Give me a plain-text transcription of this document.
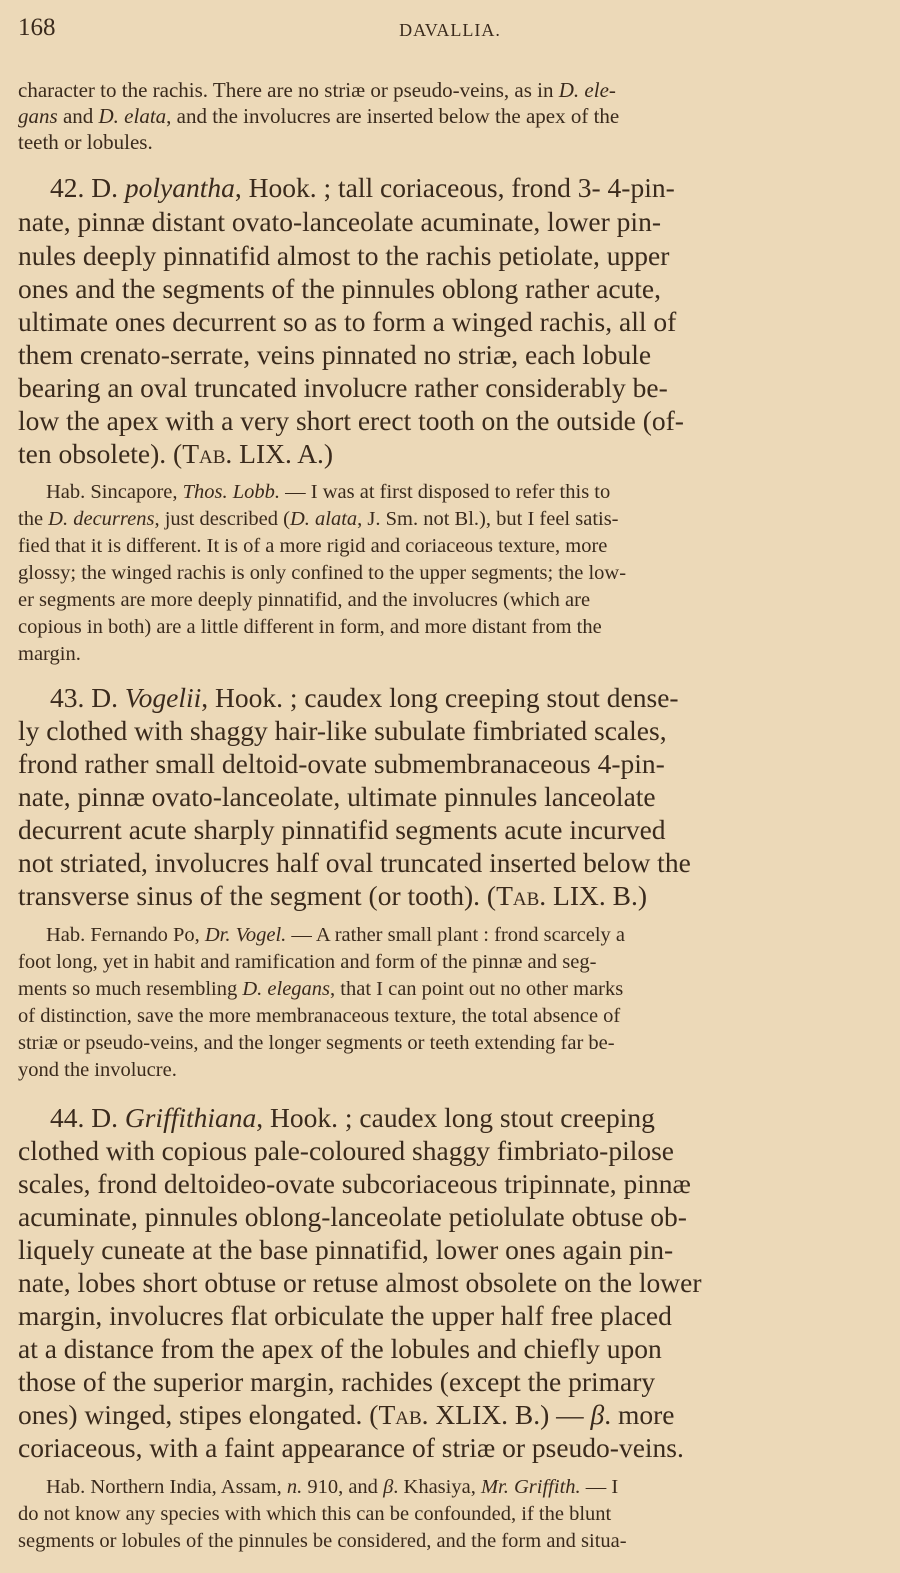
168	DAVALLIA.
character to the rachis. There are no striæ or pseudo-veins, as in D. ele-
gans and D. elata, and the involucres are inserted below the apex of the
teeth or lobules.
42. D. polyantha, Hook. ; tall coriaceous, frond 3- 4-pin-
nate, pinnæ distant ovato-lanceolate acuminate, lower pin-
nules deeply pinnatifid almost to the rachis petiolate, upper
ones and the segments of the pinnules oblong rather acute,
ultimate ones decurrent so as to form a winged rachis, all of
them crenato-serrate, veins pinnated no striæ, each lobule
bearing an oval truncated involucre rather considerably be-
low the apex with a very short erect tooth on the outside (of-
ten obsolete). (Tab. LIX. A.)
Hab. Sincapore, Thos. Lobb. — I was at first disposed to refer this to
the D. decurrens, just described (D. alata, J. Sm. not Bl.), but I feel satis-
fied that it is different. It is of a more rigid and coriaceous texture, more
glossy; the winged rachis is only confined to the upper segments; the low-
er segments are more deeply pinnatifid, and the involucres (which are
copious in both) are a little different in form, and more distant from the
margin.
43. D. Vogelii, Hook. ; caudex long creeping stout dense-
ly clothed with shaggy hair-like subulate fimbriated scales,
frond rather small deltoid-ovate submembranaceous 4-pin-
nate, pinnæ ovato-lanceolate, ultimate pinnules lanceolate
decurrent acute sharply pinnatifid segments acute incurved
not striated, involucres half oval truncated inserted below the
transverse sinus of the segment (or tooth). (Tab. LIX. B.)
Hab. Fernando Po, Dr. Vogel. — A rather small plant : frond scarcely a
foot long, yet in habit and ramification and form of the pinnæ and seg-
ments so much resembling D. elegans, that I can point out no other marks
of distinction, save the more membranaceous texture, the total absence of
striæ or pseudo-veins, and the longer segments or teeth extending far be-
yond the involucre.
44. D. Griffithiana, Hook. ; caudex long stout creeping
clothed with copious pale-coloured shaggy fimbriato-pilose
scales, frond deltoideo-ovate subcoriaceous tripinnate, pinnæ
acuminate, pinnules oblong-lanceolate petiolulate obtuse ob-
liquely cuneate at the base pinnatifid, lower ones again pin-
nate, lobes short obtuse or retuse almost obsolete on the lower
margin, involucres flat orbiculate the upper half free placed
at a distance from the apex of the lobules and chiefly upon
those of the superior margin, rachides (except the primary
ones) winged, stipes elongated. (Tab. XLIX. B.) — β. more
coriaceous, with a faint appearance of striæ or pseudo-veins.
Hab. Northern India, Assam, n. 910, and β. Khasiya, Mr. Griffith. — I
do not know any species with which this can be confounded, if the blunt
segments or lobules of the pinnules be considered, and the form and situa-
